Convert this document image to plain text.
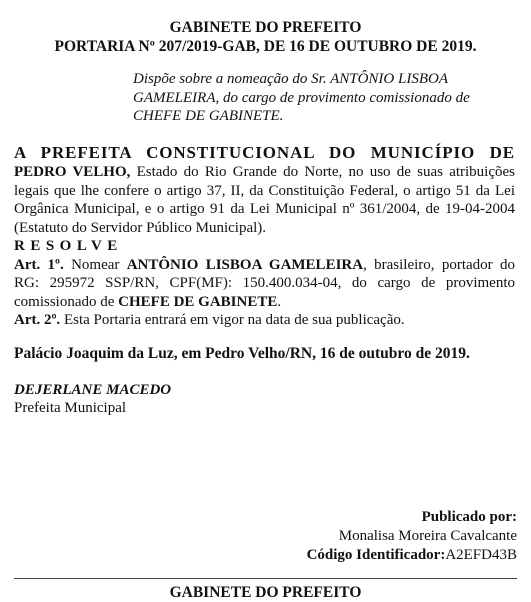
GABINETE DO PREFEITO
PORTARIA Nº 207/2019-GAB, DE 16 DE OUTUBRO DE 2019.
Dispõe sobre a nomeação do Sr. ANTÔNIO LISBOA GAMELEIRA, do cargo de provimento comissionado de CHEFE DE GABINETE.
A PREFEITA CONSTITUCIONAL DO MUNICÍPIO DE PEDRO VELHO, Estado do Rio Grande do Norte, no uso de suas atribuições legais que lhe confere o artigo 37, II, da Constituição Federal, o artigo 51 da Lei Orgânica Municipal, e o artigo 91 da Lei Municipal nº 361/2004, de 19-04-2004 (Estatuto do Servidor Público Municipal).
RESOLVE
Art. 1º. Nomear ANTÔNIO LISBOA GAMELEIRA, brasileiro, portador do RG: 295972 SSP/RN, CPF(MF): 150.400.034-04, do cargo de provimento comissionado de CHEFE DE GABINETE.
Art. 2º. Esta Portaria entrará em vigor na data de sua publicação.
Palácio Joaquim da Luz, em Pedro Velho/RN, 16 de outubro de 2019.
DEJERLANE MACEDO
Prefeita Municipal
Publicado por:
Monalisa Moreira Cavalcante
Código Identificador:A2EFD43B
GABINETE DO PREFEITO
